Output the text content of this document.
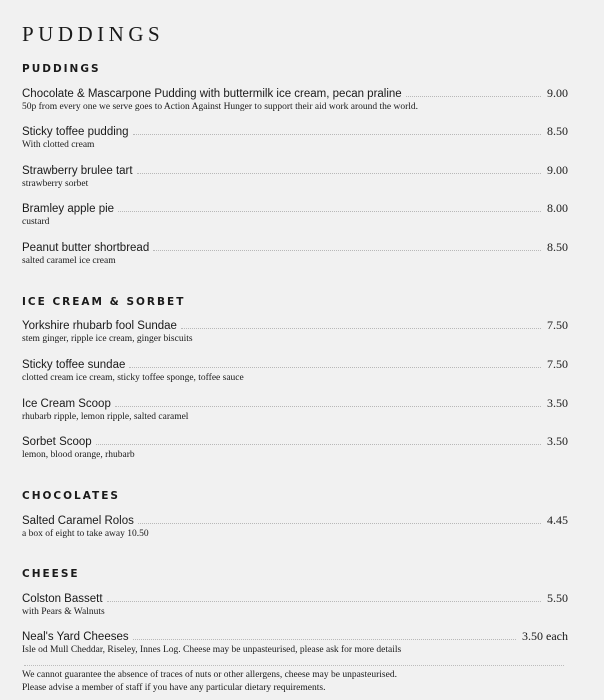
PUDDINGS
PUDDINGS
Chocolate & Mascarpone Pudding with buttermilk ice cream, pecan praline	9.00
50p from every one we serve goes to Action Against Hunger to support their aid work around the world.
Sticky toffee pudding	8.50
With clotted cream
Strawberry brulee tart	9.00
strawberry sorbet
Bramley apple pie	8.00
custard
Peanut butter shortbread	8.50
salted caramel ice cream
ICE CREAM & SORBET
Yorkshire rhubarb fool Sundae	7.50
stem ginger, ripple ice cream, ginger biscuits
Sticky toffee sundae	7.50
clotted cream ice cream, sticky toffee sponge, toffee sauce
Ice Cream Scoop	3.50
rhubarb ripple, lemon ripple, salted caramel
Sorbet Scoop	3.50
lemon, blood orange, rhubarb
CHOCOLATES
Salted Caramel Rolos	4.45
a box of eight to take away 10.50
CHEESE
Colston Bassett	5.50
with Pears & Walnuts
Neal's Yard Cheeses	3.50 each
Isle od Mull Cheddar, Riseley, Innes Log. Cheese may be unpasteurised, please ask for more details
We cannot guarantee the absence of traces of nuts or other allergens, cheese may be unpasteurised.
Please advise a member of staff if you have any particular dietary requirements.
